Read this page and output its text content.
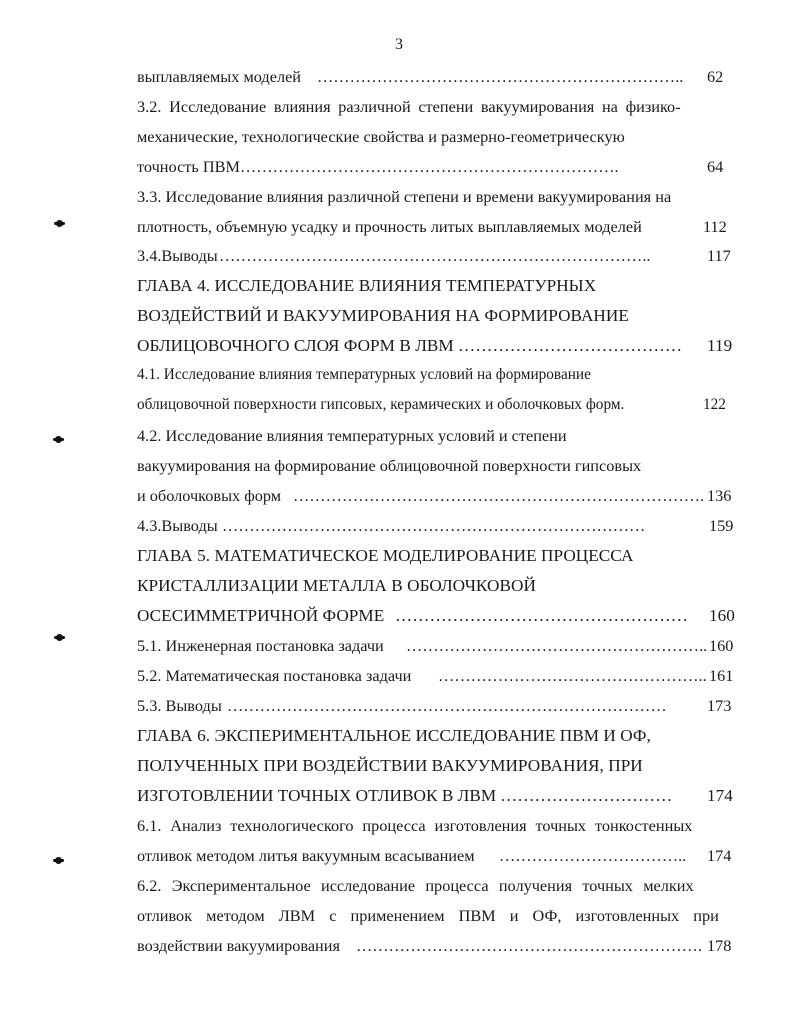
3
выплавляемых моделей ………………………………………………………….. 62
3.2. Исследование влияния различной степени вакуумирования на физико-
механические, технологические свойства и размерно-геометрическую
точность ПВМ …………………………………………………………….	64
3.3. Исследование влияния различной степени и времени вакуумирования на
плотность, объемную усадку и прочность литых выплавляемых моделей	112
3.4.Выводы ……………………………………………………………………..	117
ГЛАВА 4. ИССЛЕДОВАНИЕ ВЛИЯНИЯ ТЕМПЕРАТУРНЫХ
ВОЗДЕЙСТВИЙ И ВАКУУМИРОВАНИЯ НА ФОРМИРОВАНИЕ
ОБЛИЦОВОЧНОГО СЛОЯ ФОРМ В ЛВМ ………………………………… 119
4.1. Исследование влияния температурных условий на формирование
облицовочной поверхности гипсовых, керамических и оболочковых форм.	122
4.2. Исследование влияния температурных условий и степени
вакуумирования на формирование облицовочной поверхности гипсовых
и оболочковых форм …………………………………………………………………. 136
4.3.Выводы ……………………………………………………………………	159
ГЛАВА 5. МАТЕМАТИЧЕСКОЕ МОДЕЛИРОВАНИЕ ПРОЦЕССА
КРИСТАЛЛИЗАЦИИ МЕТАЛЛА В ОБОЛОЧКОВОЙ
ОСЕСИММЕТРИЧНОЙ ФОРМЕ …………………………………………… 160
5.1. Инженерная постановка задачи ……………………………………………….. 160
5.2. Математическая постановка задачи ………………………………………….. 161
5.3. Выводы ……………………………………………………………………… 173
ГЛАВА 6. ЭКСПЕРИМЕНТАЛЬНОЕ ИССЛЕДОВАНИЕ ПВМ И ОФ,
ПОЛУЧЕННЫХ ПРИ ВОЗДЕЙСТВИИ ВАКУУМИРОВАНИЯ, ПРИ
ИЗГОТОВЛЕНИИ ТОЧНЫХ ОТЛИВОК В ЛВМ ………………………… 174
6.1. Анализ технологического процесса изготовления точных тонкостенных
отливок методом литья вакуумным всасыванием …………………………….. 174
6.2. Экспериментальное исследование процесса получения точных мелких
отливок методом ЛВМ с применением ПВМ и ОФ, изготовленных при
воздействии вакуумирования ………………………………………………………. 178
